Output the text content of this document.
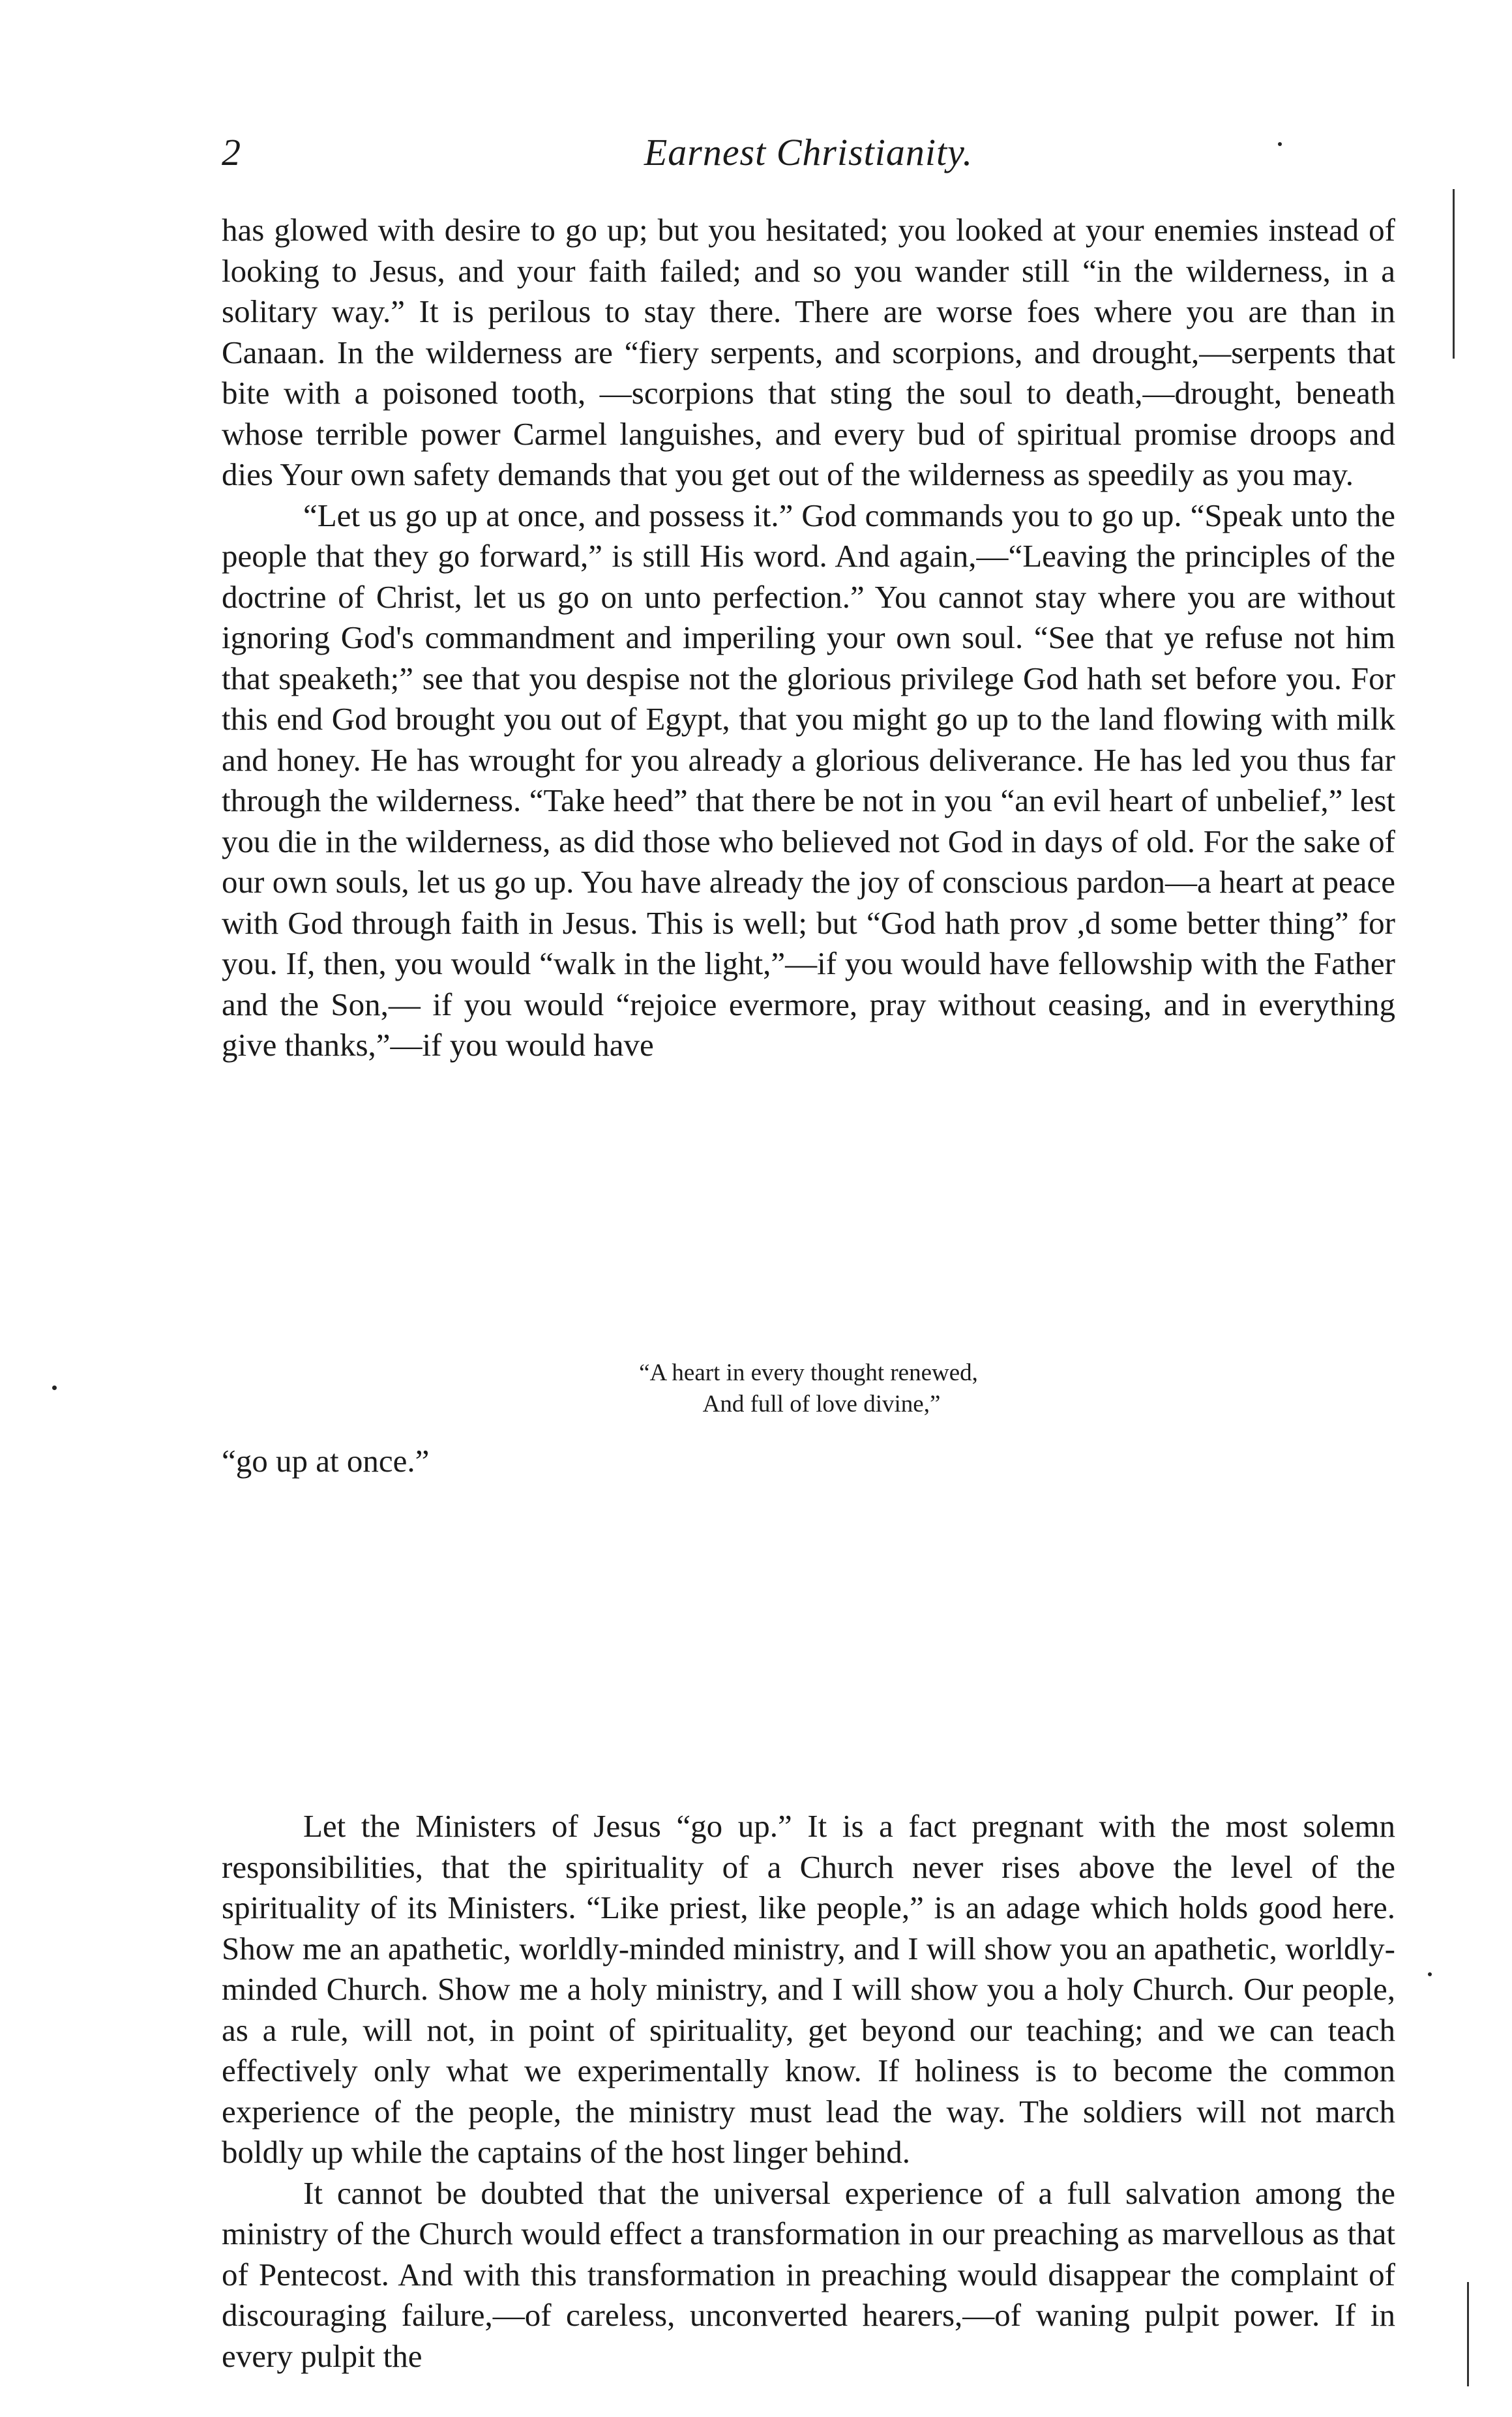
2	Earnest Christianity.

has glowed with desire to go up; but you hesitated; you looked at your enemies instead of looking to Jesus, and your faith failed; and so you wander still “in the wilderness, in a solitary way.” It is perilous to stay there. There are worse foes where you are than in Canaan. In the wilderness are “fiery serpents, and scorpions, and drought,—serpents that bite with a poisoned tooth, —scorpions that sting the soul to death,—drought, beneath whose terrible power Carmel languishes, and every bud of spiritual promise droops and dies Your own safety demands that you get out of the wilderness as speedily as you may.

“Let us go up at once, and possess it.” God commands you to go up. “Speak unto the people that they go forward,” is still His word. And again,—“Leaving the principles of the doctrine of Christ, let us go on unto perfection.” You cannot stay where you are without ignoring God's commandment and imperiling your own soul. “See that ye refuse not him that speaketh;” see that you despise not the glorious privilege God hath set before you. For this end God brought you out of Egypt, that you might go up to the land flowing with milk and honey. He has wrought for you already a glorious deliverance. He has led you thus far through the wilderness. “Take heed” that there be not in you “an evil heart of unbelief,” lest you die in the wilderness, as did those who believed not God in days of old. For the sake of our own souls, let us go up. You have already the joy of conscious pardon—a heart at peace with God through faith in Jesus. This is well; but “God hath prov ,d some better thing” for you. If, then, you would “walk in the light,”—if you would have fellowship with the Father and the Son,— if you would “rejoice evermore, pray without ceasing, and in everything give thanks,”—if you would have

“A heart in every thought renewed,
And full of love divine,”
“go up at once.”

Let the Ministers of Jesus “go up.” It is a fact pregnant with the most solemn responsibilities, that the spirituality of a Church never rises above the level of the spirituality of its Ministers. “Like priest, like people,” is an adage which holds good here. Show me an apathetic, worldly-minded ministry, and I will show you an apathetic, worldly-minded Church. Show me a holy ministry, and I will show you a holy Church. Our people, as a rule, will not, in point of spirituality, get beyond our teaching; and we can teach effectively only what we experimentally know. If holiness is to become the common experience of the people, the ministry must lead the way. The soldiers will not march boldly up while the captains of the host linger behind.

It cannot be doubted that the universal experience of a full salvation among the ministry of the Church would effect a transformation in our preaching as marvellous as that of Pentecost. And with this transformation in preaching would disappear the complaint of discouraging failure,—of careless, unconverted hearers,—of waning pulpit power. If in every pulpit the
